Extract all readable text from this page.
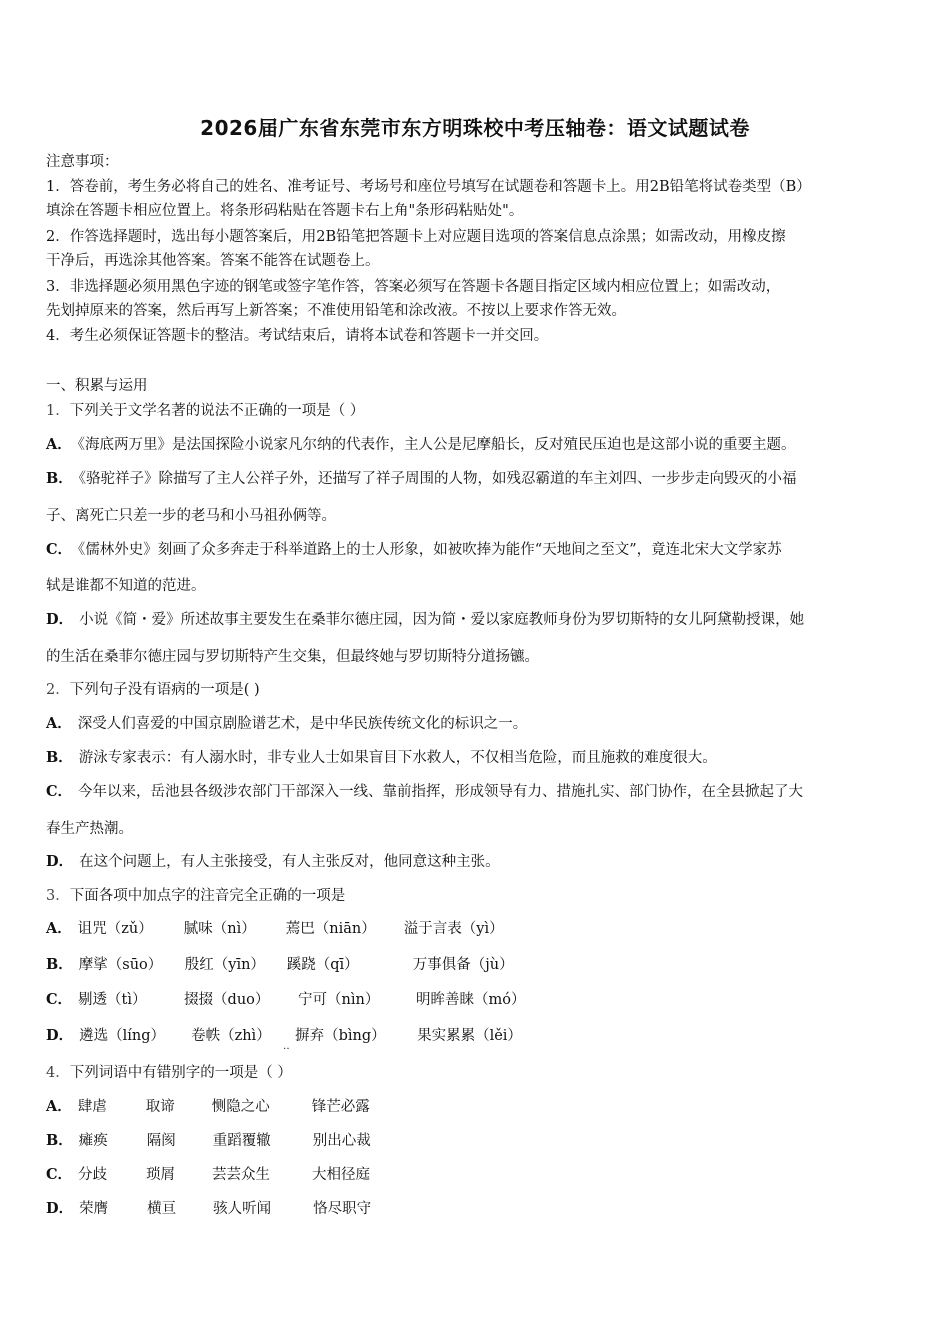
2026届广东省东莞市东方明珠校中考压轴卷：语文试题试卷
注意事项：
1．答卷前，考生务必将自己的姓名、准考证号、考场号和座位号填写在试题卷和答题卡上。用2B铅笔将试卷类型（B）
填涂在答题卡相应位置上。将条形码粘贴在答题卡右上角"条形码粘贴处"。
2．作答选择题时，选出每小题答案后，用2B铅笔把答题卡上对应题目选项的答案信息点涂黑；如需改动，用橡皮擦
干净后，再选涂其他答案。答案不能答在试题卷上。
3．非选择题必须用黑色字迹的钢笔或签字笔作答，答案必须写在答题卡各题目指定区域内相应位置上；如需改动，
先划掉原来的答案，然后再写上新答案；不准使用铅笔和涂改液。不按以上要求作答无效。
4．考生必须保证答题卡的整洁。考试结束后，请将本试卷和答题卡一并交回。
一、积累与运用
1．下列关于文学名著的说法不正确的一项是（ ）
A． 《海底两万里》是法国探险小说家凡尔纳的代表作，主人公是尼摩船长，反对殖民压迫也是这部小说的重要主题。
B． 《骆驼祥子》除描写了主人公祥子外，还描写了祥子周围的人物，如残忍霸道的车主刘四、一步步走向毁灭的小福
子、离死亡只差一步的老马和小马祖孙俩等。
C． 《儒林外史》刻画了众多奔走于科举道路上的士人形象，如被吹捧为能作“天地间之至文”，竟连北宋大文学家苏
轼是谁都不知道的范进。
D． 小说《简・爱》所述故事主要发生在桑菲尔德庄园，因为简・爱以家庭教师身份为罗切斯特的女儿阿黛勒授课，她
的生活在桑菲尔德庄园与罗切斯特产生交集，但最终她与罗切斯特分道扬镳。
2．下列句子没有语病的一项是( )
A． 深受人们喜爱的中国京剧脸谱艺术，是中华民族传统文化的标识之一。
B． 游泳专家表示：有人溺水时，非专业人士如果盲目下水救人，不仅相当危险，而且施救的难度很大。
C． 今年以来，岳池县各级涉农部门干部深入一线、靠前指挥，形成领导有力、措施扎实、部门协作，在全县掀起了大
春生产热潮。
D． 在这个问题上，有人主张接受，有人主张反对，他同意这种主张。
3．下面各项中加点字的注音完全正确的一项是
A． 诅咒（zǔ）	腻味（nì）	蔫巴（niān）	溢于言表（yì）
B． 摩挲（sūo）	殷红（yīn）	蹊跷（qī）	万事俱备（jù）
C． 剔透（tì）	掇掇（duo）	宁可（nìn）	明眸善睐（mó）
D． 遴选（líng）	卷帙（zhì）	摒弃（bìng）	果实累累（lěi）
‥
4．下列词语中有错别字的一项是（ ）
A． 肆虐	取谛	恻隐之心	锋芒必露
B． 瘫痪	隔阂	重蹈覆辙	别出心裁
C． 分歧	琐屑	芸芸众生	大相径庭
D． 荣膺	横亘	骇人听闻	恪尽职守
